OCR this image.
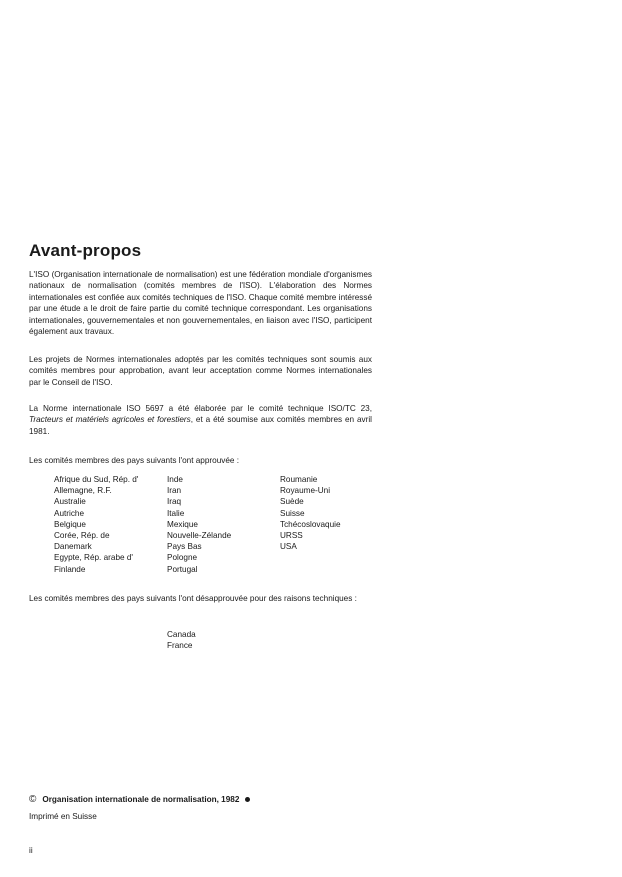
Avant-propos

L'ISO (Organisation internationale de normalisation) est une fédération mondiale d'organismes nationaux de normalisation (comités membres de l'ISO). L'élaboration des Normes internationales est confiée aux comités techniques de l'ISO. Chaque comité membre intéressé par une étude a le droit de faire partie du comité technique correspondant. Les organisations internationales, gouvernementales et non gouvernementales, en liaison avec l'ISO, participent également aux travaux.

Les projets de Normes internationales adoptés par les comités techniques sont soumis aux comités membres pour approbation, avant leur acceptation comme Normes internationales par le Conseil de l'ISO.

La Norme internationale ISO 5697 a été élaborée par le comité technique ISO/TC 23, Tracteurs et matériels agricoles et forestiers, et a été soumise aux comités membres en avril 1981.

Les comités membres des pays suivants l'ont approuvée :

Afrique du Sud, Rép. d'
Allemagne, R.F.
Australie
Autriche
Belgique
Corée, Rép. de
Danemark
Egypte, Rép. arabe d'
Finlande
Inde
Iran
Iraq
Italie
Mexique
Nouvelle-Zélande
Pays Bas
Pologne
Portugal
Roumanie
Royaume-Uni
Suède
Suisse
Tchécoslovaquie
URSS
USA

Les comités membres des pays suivants l'ont désapprouvée pour des raisons techniques :

Canada
France
© Organisation internationale de normalisation, 1982
Imprimé en Suisse
ii
